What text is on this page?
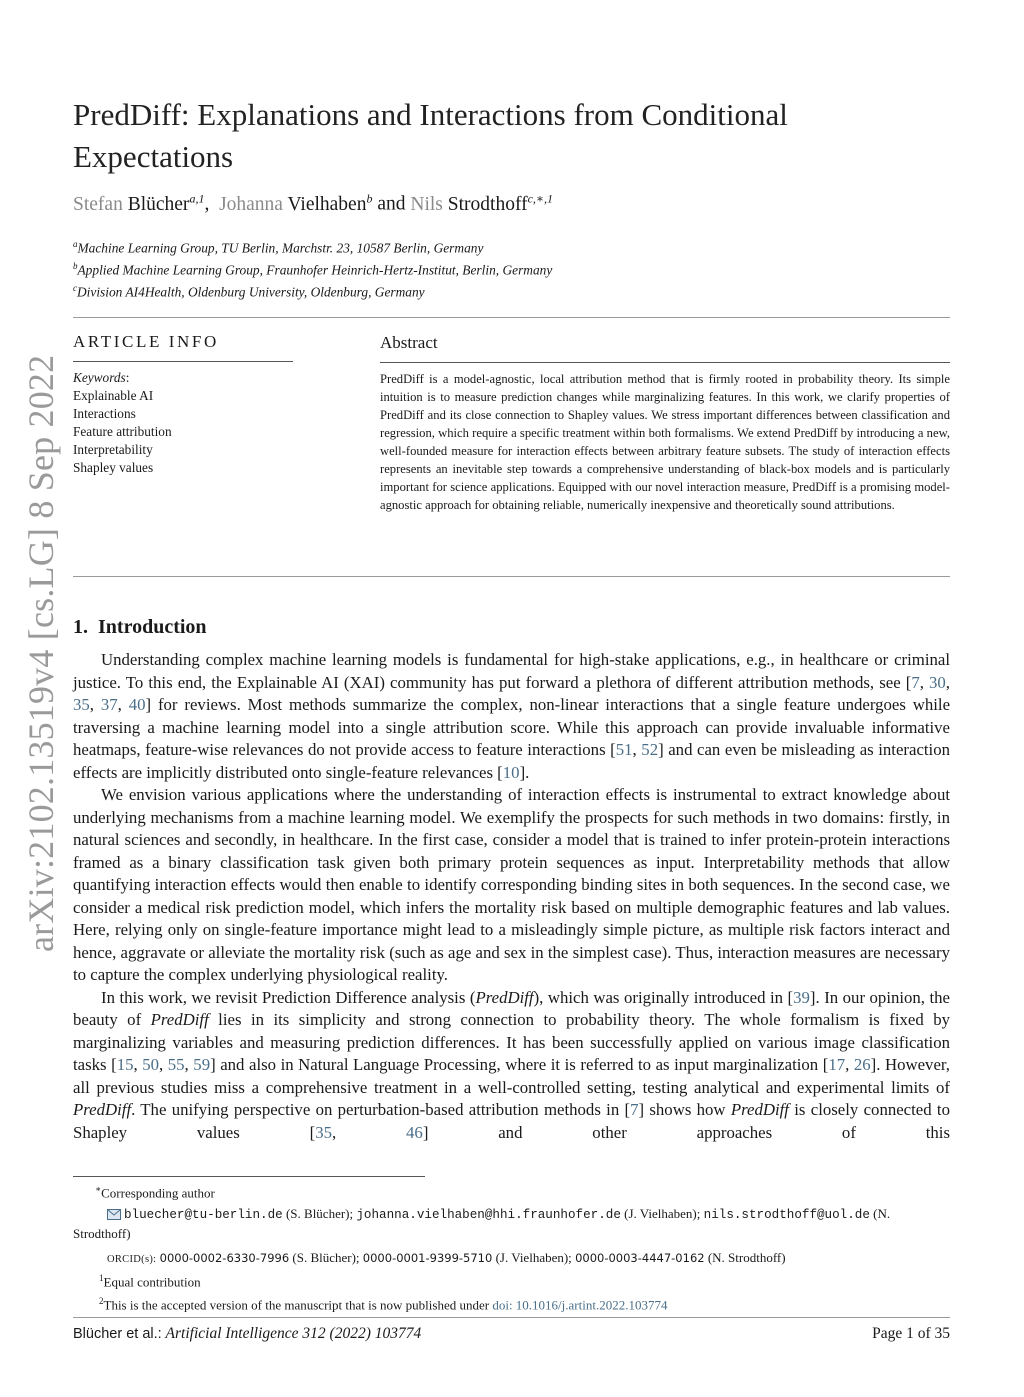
arXiv:2102.13519v4 [cs.LG] 8 Sep 2022
PredDiff: Explanations and Interactions from Conditional Expectations
Stefan Blücher$^{a,1}$, Johanna Vielhaben$^b$ and Nils Strodthoff$^{c,∗,1}$
$^a$Machine Learning Group, TU Berlin, Marchstr. 23, 10587 Berlin, Germany
$^b$Applied Machine Learning Group, Fraunhofer Heinrich-Hertz-Institut, Berlin, Germany
$^c$Division AI4Health, Oldenburg University, Oldenburg, Germany
ARTICLE INFO
Keywords:
Explainable AI
Interactions
Feature attribution
Interpretability
Shapley values
Abstract
PredDiff is a model-agnostic, local attribution method that is firmly rooted in probability theory. Its simple intuition is to measure prediction changes while marginalizing features. In this work, we clarify properties of PredDiff and its close connection to Shapley values. We stress important differences between classification and regression, which require a specific treatment within both formalisms. We extend PredDiff by introducing a new, well-founded measure for interaction effects between arbitrary feature subsets. The study of interaction effects represents an inevitable step towards a comprehensive understanding of black-box models and is particularly important for science applications. Equipped with our novel interaction measure, PredDiff is a promising model-agnostic approach for obtaining reliable, numerically inexpensive and theoretically sound attributions.
1. Introduction

Understanding complex machine learning models is fundamental for high-stake applications, e.g., in healthcare or criminal justice. To this end, the Explainable AI (XAI) community has put forward a plethora of different attribution methods, see [7, 30, 35, 37, 40] for reviews. Most methods summarize the complex, non-linear interactions that a single feature undergoes while traversing a machine learning model into a single attribution score. While this approach can provide invaluable informative heatmaps, feature-wise relevances do not provide access to feature interactions [51, 52] and can even be misleading as interaction effects are implicitly distributed onto single-feature relevances [10].

We envision various applications where the understanding of interaction effects is instrumental to extract knowledge about underlying mechanisms from a machine learning model. We exemplify the prospects for such methods in two domains: firstly, in natural sciences and secondly, in healthcare. In the first case, consider a model that is trained to infer protein-protein interactions framed as a binary classification task given both primary protein sequences as input. Interpretability methods that allow quantifying interaction effects would then enable to identify corresponding binding sites in both sequences. In the second case, we consider a medical risk prediction model, which infers the mortality risk based on multiple demographic features and lab values. Here, relying only on single-feature importance might lead to a misleadingly simple picture, as multiple risk factors interact and hence, aggravate or alleviate the mortality risk (such as age and sex in the simplest case). Thus, interaction measures are necessary to capture the complex underlying physiological reality.

In this work, we revisit Prediction Difference analysis (PredDiff), which was originally introduced in [39]. In our opinion, the beauty of PredDiff lies in its simplicity and strong connection to probability theory. The whole formalism is fixed by marginalizing variables and measuring prediction differences. It has been successfully applied on various image classification tasks [15, 50, 55, 59] and also in Natural Language Processing, where it is referred to as input marginalization [17, 26]. However, all previous studies miss a comprehensive treatment in a well-controlled setting, testing analytical and experimental limits of PredDiff. The unifying perspective on perturbation-based attribution methods in [7] shows how PredDiff is closely connected to Shapley values [35, 46] and other approaches of this

∗Corresponding author
bluecher@tu-berlin.de (S. Blücher); johanna.vielhaben@hhi.fraunhofer.de (J. Vielhaben); nils.strodthoff@uol.de (N.
Strodthoff)
ORCID(s): 0000-0002-6330-7996 (S. Blücher); 0000-0001-9399-5710 (J. Vielhaben); 0000-0003-4447-0162 (N. Strodthoff)
$^1$Equal contribution
$^2$This is the accepted version of the manuscript that is now published under doi: 10.1016/j.artint.2022.103774
Blücher et al.: Artificial Intelligence 312 (2022) 103774	Page 1 of 35
